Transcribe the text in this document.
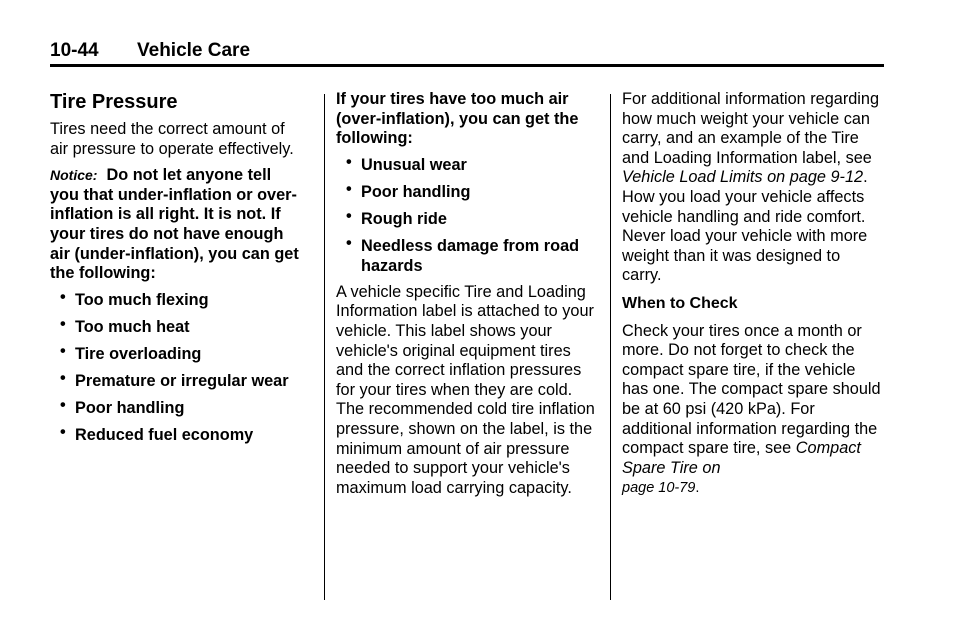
10-44 Vehicle Care
Tire Pressure

Tires need the correct amount of air pressure to operate effectively.

Notice: Do not let anyone tell you that under-inflation or over-inflation is all right. It is not. If your tires do not have enough air (under-inflation), you can get the following:

• Too much flexing
• Too much heat
• Tire overloading
• Premature or irregular wear
• Poor handling
• Reduced fuel economy

If your tires have too much air (over-inflation), you can get the following:

• Unusual wear
• Poor handling
• Rough ride
• Needless damage from road hazards

A vehicle specific Tire and Loading Information label is attached to your vehicle. This label shows your vehicle's original equipment tires and the correct inflation pressures for your tires when they are cold. The recommended cold tire inflation pressure, shown on the label, is the minimum amount of air pressure needed to support your vehicle's maximum load carrying capacity.

For additional information regarding how much weight your vehicle can carry, and an example of the Tire and Loading Information label, see Vehicle Load Limits on page 9-12.

How you load your vehicle affects vehicle handling and ride comfort. Never load your vehicle with more weight than it was designed to carry.

When to Check

Check your tires once a month or more. Do not forget to check the compact spare tire, if the vehicle has one. The compact spare should be at 60 psi (420 kPa). For additional information regarding the compact spare tire, see Compact Spare Tire on
page 10-79.
